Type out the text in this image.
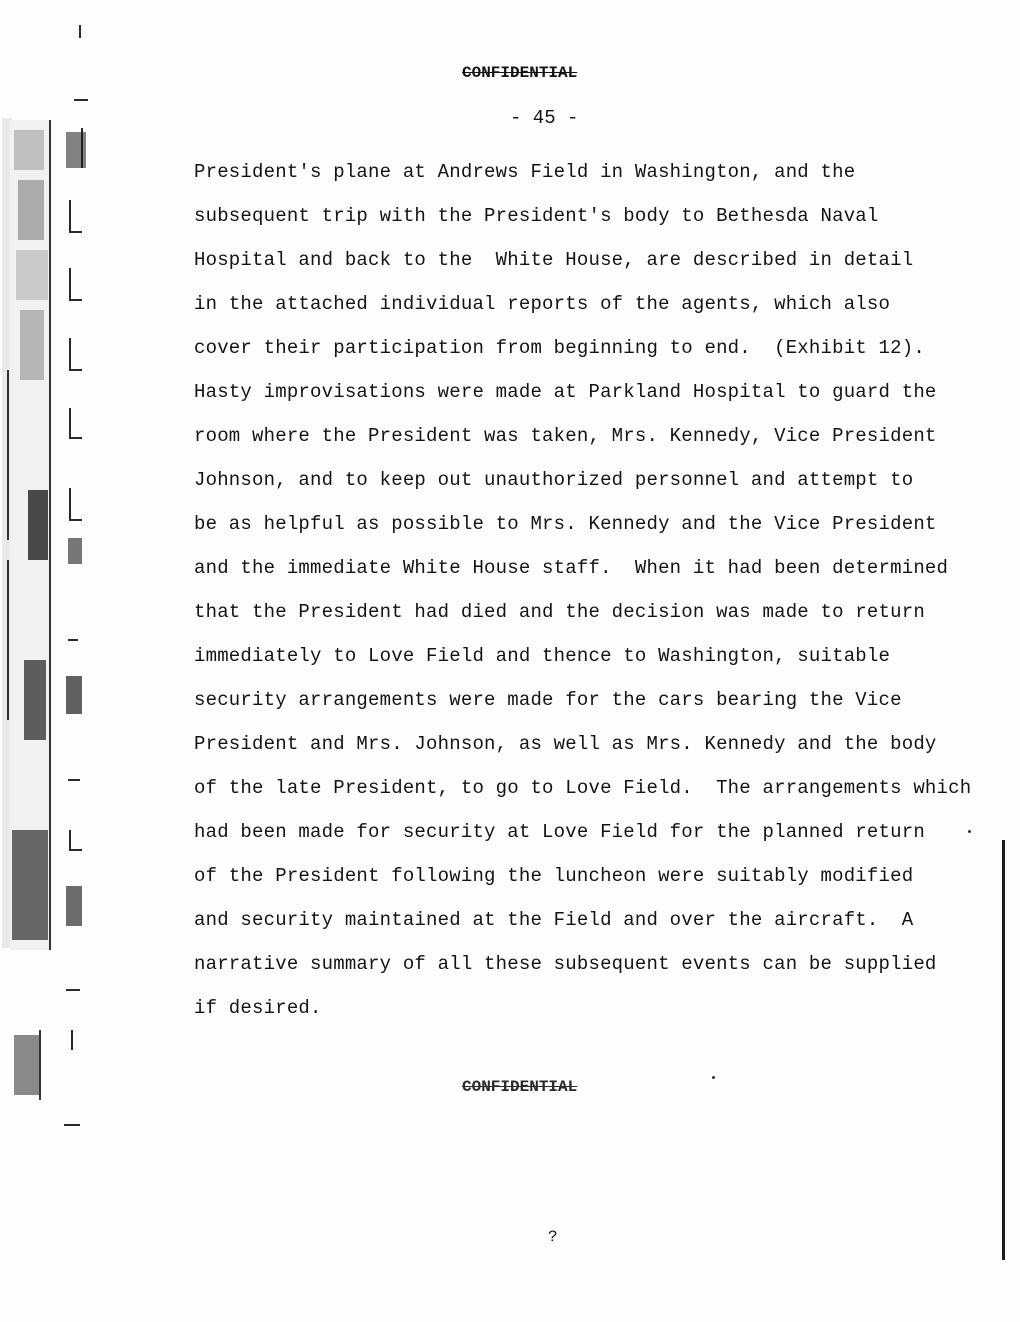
CONFIDENTIAL
- 45 -
President's plane at Andrews Field in Washington, and the
subsequent trip with the President's body to Bethesda Naval
Hospital and back to the  White House, are described in detail
in the attached individual reports of the agents, which also
cover their participation from beginning to end.  (Exhibit 12).
Hasty improvisations were made at Parkland Hospital to guard the
room where the President was taken, Mrs. Kennedy, Vice President
Johnson, and to keep out unauthorized personnel and attempt to
be as helpful as possible to Mrs. Kennedy and the Vice President
and the immediate White House staff.  When it had been determined
that the President had died and the decision was made to return
immediately to Love Field and thence to Washington, suitable
security arrangements were made for the cars bearing the Vice
President and Mrs. Johnson, as well as Mrs. Kennedy and the body
of the late President, to go to Love Field.  The arrangements which
had been made for security at Love Field for the planned return
of the President following the luncheon were suitably modified
and security maintained at the Field and over the aircraft.  A
narrative summary of all these subsequent events can be supplied
if desired.
CONFIDENTIAL
?
